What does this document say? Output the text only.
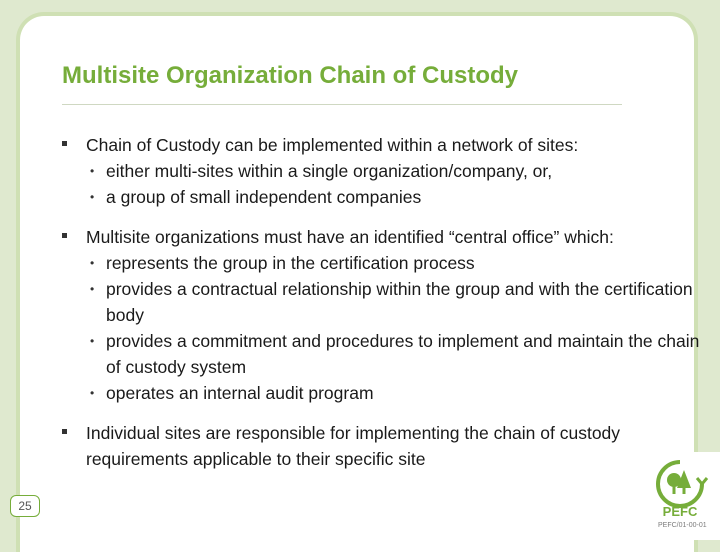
Multisite Organization Chain of Custody
Chain of Custody can be implemented within a network of sites:
• either multi-sites within a single organization/company, or,
• a group of small independent companies
Multisite organizations must have an identified “central office” which:
• represents the group in the certification process
• provides a contractual relationship within the group and with the certification body
• provides a commitment and procedures to implement and maintain the chain of custody system
• operates an internal audit program
Individual sites are responsible for implementing the chain of custody requirements applicable to their specific site
25	PEFC
PEFC/01-00-01
